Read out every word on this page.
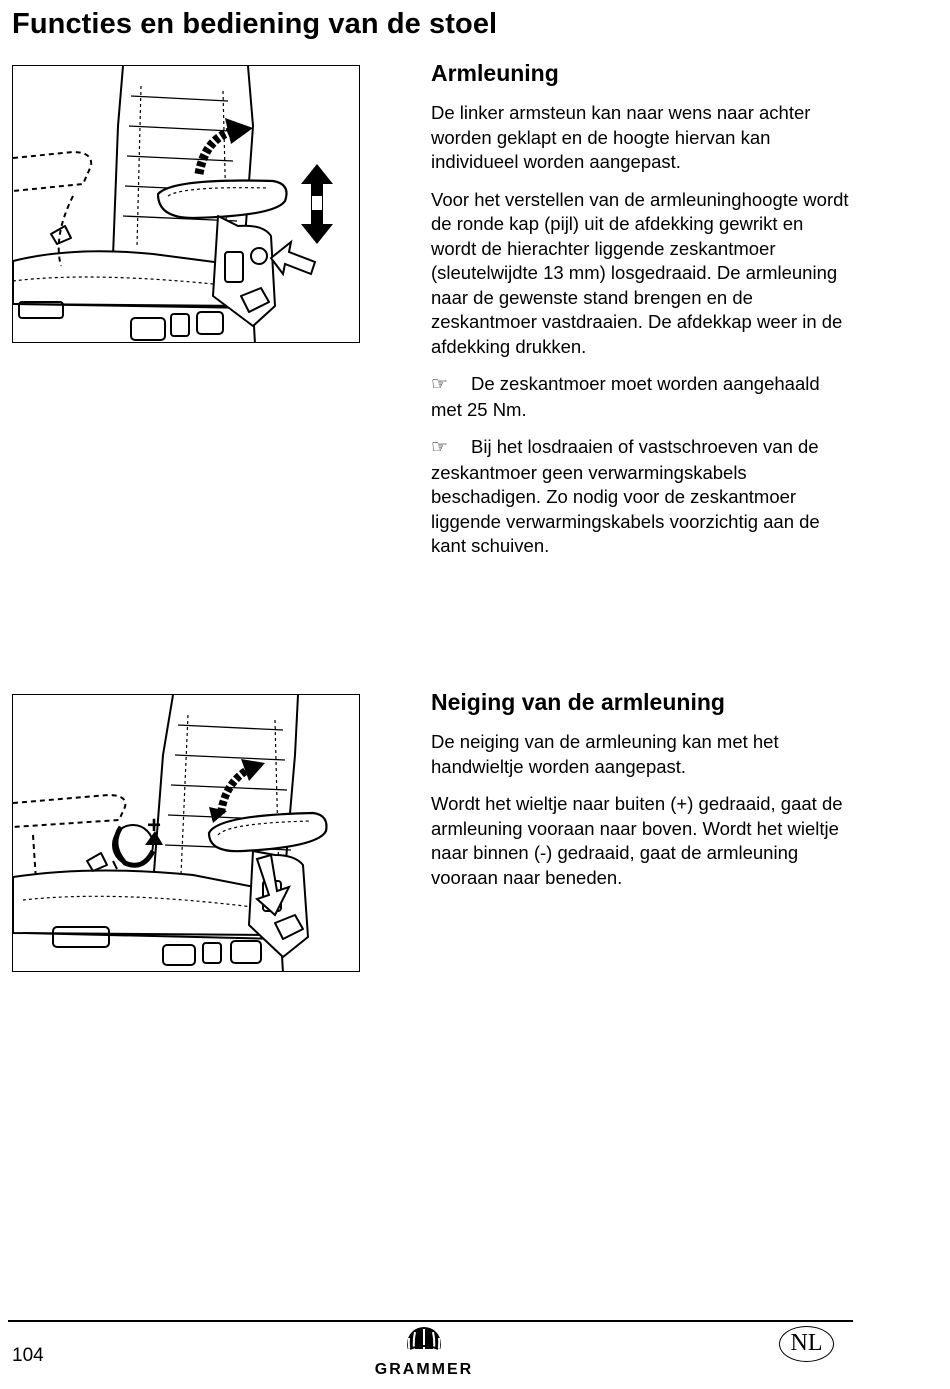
Functies en bediening van de stoel
Armleuning

De linker armsteun kan naar wens naar achter worden geklapt en de hoogte hiervan kan individueel worden aangepast.

Voor het verstellen van de armleuninghoogte wordt de ronde kap (pijl) uit de afdekking gewrikt en wordt de hierachter liggende zeskantmoer (sleutelwijdte 13 mm) losgedraaid. De armleuning naar de gewenste stand brengen en de zeskantmoer vastdraaien. De afdekkap weer in de afdekking drukken.

☞ De zeskantmoer moet worden aangehaald met 25 Nm.

☞ Bij het losdraaien of vastschroeven van de zeskantmoer geen verwarmingskabels beschadigen. Zo nodig voor de zeskantmoer liggende verwarmingskabels voorzichtig aan de kant schuiven.

+
Neiging van de armleuning

De neiging van de armleuning kan met het handwieltje worden aangepast.

Wordt het wieltje naar buiten (+) gedraaid, gaat de armleuning vooraan naar boven. Wordt het wieltje naar binnen (-) gedraaid, gaat de armleuning vooraan naar beneden.

104
GRAMMER
NL
